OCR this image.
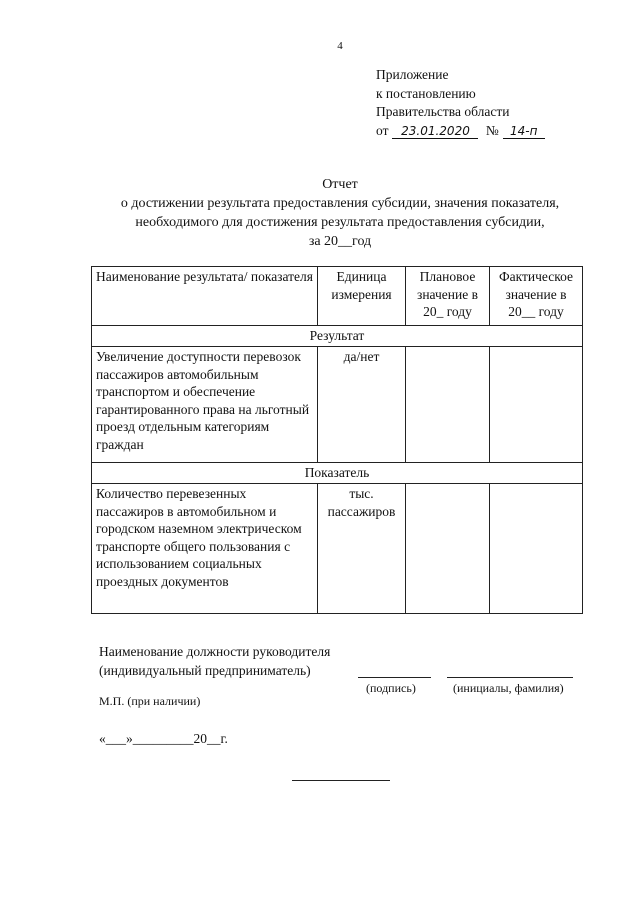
4
Приложение
к постановлению
Правительства области
от 23.01.2020 № 14-п
Отчет
о достижении результата предоставления субсидии, значения показателя,
необходимого для достижения результата предоставления субсидии,
за 20__год
Наименование результата/ показателя	Единица измерения	Плановое значение в 20_ году	Фактическое значение в 20__ году
Результат			
Увеличение доступности перевозок пассажиров автомобильным транспортом и обеспечение гарантированного права на льготный проезд отдельным категориям граждан	да/нет		
Показатель			
Количество перевезенных пассажиров в автомобильном и городском наземном электрическом транспорте общего пользования с использованием социальных проездных документов	тыс. пассажиров		
Наименование должности руководителя
(индивидуальный предприниматель)
(подпись)	(инициалы, фамилия)
М.П. (при наличии)
«___»_________20__г.
